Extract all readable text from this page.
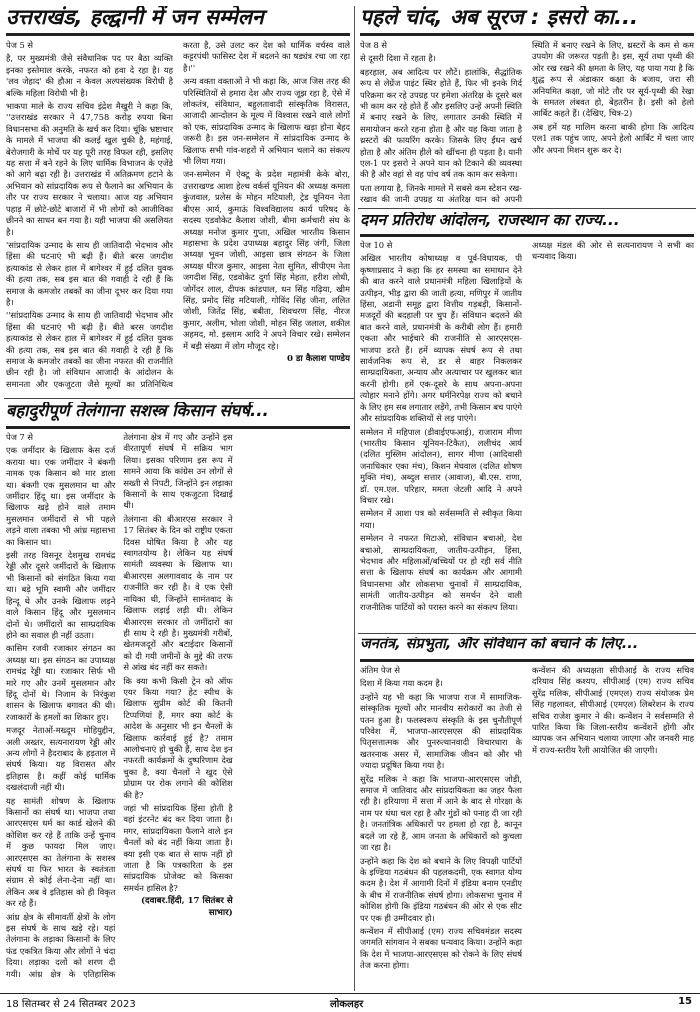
उत्तराखंड, हल्द्वानी में जन सम्मेलन

पेज 5 से

है, पर मुख्यमंत्री जैसे संवैधानिक पद पर बैठा व्यक्ति इनका इस्तेमाल करके, नफरत को हवा दे रहा है। यह 'लव जेहाद' की हौआ न केवल अल्पसंख्यक विरोधी है बल्कि महिला विरोधी भी है।

भाकपा माले के राज्य सचिव इंद्रेश मैखुरी ने कहा कि, ''उत्तराखंड सरकार ने 47,758 करोड़ रुपया बिना विधानसभा की अनुमति के खर्च कर दिया। चूंकि भ्रष्टाचार के मामले में भाजपा की कलई खुल चुकी है, महंगाई, बेरोजगारी के मोर्चे पर यह पूरी तरह विफल रही, इसलिए यह सत्ता में बने रहने के लिए धार्मिक विभाजन के एजेंडे को आगे बढ़ा रही है। उत्तराखंड में अतिक्रमण हटाने के अभियान को सांप्रदायिक रूप से फैलाने का अभियान के तौर पर राज्य सरकार ने चलाया। आज यह अभियान पहाड़ में छोटे-छोटे बाजारों में भी लोगों को आजीविका छीनने का साधन बन गया है। यही भाजपा की असलियत है।

'सांप्रदायिक उन्माद के साथ ही जातिवादी भेदभाव और हिंसा की घटनाएं भी बढ़ी हैं। बीते बरस जगदीश हत्याकांड से लेकर हाल में बागेश्वर में हुई दलित युवक की हत्या तक, सब इस बात की गवाही दे रही हैं कि समाज के कमजोर तबकों का जीना दूभर कर दिया गया है।

''सांप्रदायिक उन्माद के साथ ही जातिवादी भेदभाव और हिंसा की घटनाएं भी बढ़ी हैं। बीते बरस जगदीश हत्याकांड से लेकर हाल में बागेश्वर में हुई दलित युवक की हत्या तक, सब इस बात की गवाही दे रही हैं कि समाज के कमजोर तबकों का जीना नफरत की राजनीति छीन रही है। जो संविधान आजादी के आंदोलन के समानता और एकजुटता जैसे मूल्यों का प्रतिनिधित्व करता है, उसे उलट कर देश को धार्मिक वर्चस्व वाले कट्टरपंथी फासिस्ट देश में बदलने का षड्यंत्र रचा जा रहा है।''

अन्य वक्ता वक्ताओं ने भी कहा कि, आज जिस तरह की परिस्थितियों से हमारा देश और राज्य जूझ रहा है, ऐसे में लोकतंत्र, संविधान, बहुलतावादी सांस्कृतिक विरासत, आजादी आन्दोलन के मूल्य में विश्वास रखने वाले लोगों को एक, सांप्रदायिक उन्माद के खिलाफ खड़ा होना बेहद जरूरी है। इस जन-सम्मेलन में सांप्रदायिक उन्माद के खिलाफ सभी गांव-शहरों में अभियान चलाने का संकल्प भी लिया गया।

जन-सम्मेलन में ऐक्टू के प्रदेश महामंत्री केके बोरा, उत्तराखण्ड आशा हेल्थ वर्कर्स यूनियन की अध्यक्ष कमला कुंजवाल, प्रलेस के मोहन मटियाली, ट्रेड यूनियन नेता बीएस आर्य, कुमाऊं विश्वविद्यालय कार्य परिषद के सदस्य एडवोकेट कैलाश जोशी, बीमा कर्मचारी संघ के अध्यक्ष मनोज कुमार गुप्ता, अखिल भारतीय किसान महासभा के प्रदेश उपाध्यक्ष बहादुर सिंह जंगी, जिला अध्यक्ष भुवन जोशी, आइसा छात्र संगठन के जिला अध्यक्ष धीरज कुमार, आइसा नेता सुमित, सीपीएम नेता जगदीश सिंह, एडवोकेट दुर्गा सिंह मेहता, हरीश लोधी, जोगेंदर लाल, दीपक कांडपाल, धन सिंह गढ़िया, खीम सिंह, प्रमोद सिंह मटियाली, गोविंद सिंह जीना, ललित जोशी, जितेंद्र सिंह, बबीता, शिवचरण सिंह, नीरज कुमार, अलीम, भोला जोशी, मोहन सिंह जलाल, शकील अहमद, मो. इस्लाम आदि ने अपने विचार रखे। सम्मेलन में बड़ी संख्या में लोग मौजूद रहे।

0 डा कैलाश पाण्डेय

पहले चांद, अब सूरज : इसरो का...

पेज 8 से

से दूसरी दिशा में रहता है।

बहरहाल, अब आदित्य पर लौटें। हालांकि, सैद्धांतिक रूप से लेग्रेंज पाइंट स्थिर होते हैं, फिर भी इनके गिर्द परिक्रमा कर रहे उपग्रह पर हमेशा अंतरिक्ष के दूसरे बल भी काम कर रहे होते हैं और इसलिए उन्हें अपनी स्थिति में बनाए रखने के लिए, लगातार उनकी स्थिति में समायोजन करते रहना होता है और यह किया जाता है थ्रस्टरों की फायरिंग करके। जिसके लिए ईंधन खर्च होता है और अंतिम हीले को खींचना ही पड़ता है। यानी एल-1 पर इसरो ने अपने यान को टिकाने की व्यवस्था की है और वहां से वह पांच वर्ष तक काम कर सकेगा।

पता लगाया है, जिनके मामले में सबसे कम स्टेशन रख-रखाव की जानी उपग्रह या अंतरिक्ष यान को अपनी स्थिति में बनाए रखने के लिए, थ्रस्टरों के कम से कम उपयोग की जरूरत पड़ती है। इस, सूर्य तथा पृथ्वी की ओर रख रखने की क्षमता के लिए, यह पाया गया है कि शुद्ध रूप से अंडाकार कक्षा के बजाय, जरा सी अनियमित कक्षा, जो मोटे तौर पर सूर्य-पृथ्वी की रेखा के समतल लंबवत हो, बेहतरीन है। इसी को हेलो आर्बिट कहते हैं। (देखिए, चित्र-2)

अब हमें यह मालिम करना बाकी होगा कि आदित्य एल1 तक पहुंच जाए, अपने हेलो आर्बिट में चला जाए और अपना मिशन शुरू कर दे।

दमन प्रतिरोध आंदोलन, राजस्थान का राज्य...

पेज 10 से

अखिल भारतीय कोषाध्यक्ष व पूर्व-विधायक, पी कृष्णाप्रसाद ने कहा कि हर समस्या का समाधान देने की बात करने वाले प्रधानमंत्री महिला खिलाड़ियों के उत्पीड़न, भीड़ द्वारा की जाती हत्या, मणिपुर में जातीय हिंसा, अडानी समूह द्वारा वित्तीय गड़बड़ी, किसानों-मजदूरों की बदहाली पर चुप हैं। संविधान बदलने की बात करने वाले, प्रधानमंत्री के करीबी लोग हैं। हमारी एकता और भाईचारे की राजनीति से आरएसएस-भाजपा डरते हैं। हमें व्यापक संघर्ष रूप से तथा सार्वजनिक रूप से, डर से बाहर निकलकर साम्प्रदायिकता, अन्याय और अत्याचार पर खुलकर बात करनी होगी। हमें एक-दूसरे के साथ अपना-अपना त्योहार मनाने होंगे। अगर धर्मनिरपेक्ष राज्य को बचाने के लिए हम सब लगातार लड़ेंगे, तभी किसान बच पाएंगे और सांप्रदायिक शक्तियों से लड़ पाएंगे।

सम्मेलन में महिपाल (डीवाईएफआई), राजाराम मीणा (भारतीय किसान यूनियन-टिकैत), ललीचंद आर्य (दलित मुस्लिम आंदोलन), सागर मीणा (आदिवासी जनाधिकार एका मंच), किशन मेघवाल (दलित शोषण मुक्ति मंच), अब्दुल सत्तार (आवाज), बी.एस. राणा, डॉ. एम.एल. परिहार, ममता जेटली आदि ने अपने विचार रखे।

सम्मेलन में आशा पत्र को सर्वसम्मति से स्वीकृत किया गया।

सम्मेलन ने नफरत मिटाओ, संविधान बचाओ, देश बचाओ, साम्प्रदायिकता, जातीय-उत्पीड़न, हिंसा, भेदभाव और महिलाओं/बच्चियों पर हो रही सर्व नीति सत्ता के खिलाफ संघर्ष का कार्यक्रम और आगामी विधानसभा और लोकसभा चुनावों में साम्प्रदायिक, सामंती जातीय-उत्पीड़न को समर्थन देने वाली राजनीतिक पार्टियों को परास्त करने का संकल्प लिया।

अध्यक्ष मंडल की ओर से सत्यनारायण ने सभी का धन्यवाद किया।

बहादुरीपूर्ण तेलंगाना सशस्त्र किसान संघर्ष...

पेज 7 से

एक जमींदार के खिलाफ केस दर्ज कराया था। एक जमींदार ने बंकगी नामक एक किसान को मार डाला था। बंकगी एक मुसलमान था और जमींदार हिंदू था। इस जमींदार के खिलाफ खड़े होने वाले तमाम मुसलमान जमींदारों से भी पहले लड़ने वाला तबका भी आंध्र महासभा का किसान था।

इसी तरह विसनूर देशमुख रामचंद्र रेड्डी और दूसरे जमींदारों के खिलाफ भी किसानों को संगठित किया गया था। बड़े भूमि स्वामी और जमींदार हिन्दू थे और उनके खिलाफ लड़ने वाले किसान हिंदू और मुसलमान दोनों थे। जमींदारों का साम्प्रदायिक होने का सवाल ही नहीं उठता।

कासिम रजवी रजाकार संगठन का अध्यक्ष था। इस संगठन का उपाध्यक्ष रामचंद्र रेड्डी था। रजाकार सिर्फ भी मारे गए और उनमें मुसलमान और हिंदू दोनों थे। निजाम के निरंकुश शासन के खिलाफ बगावत की थी। रजाकारों के हमलों का शिकार हुए।

मजदूर नेताओं-मख्दूम मोहियुद्दीन, अली अख्तर, सत्यनारायण रेड्डी और अन्य लोगों ने हैदराबाद के हड़ताल में संघर्ष किया। यह विरासत और इतिहास है। कहीं कोई धार्मिक दखलंदाजी नहीं थी।

यह सामंती शोषण के खिलाफ किसानों का संघर्ष था। भाजपा तथा आरएसएस धर्म का कार्ड खेलने की कोशिश कर रहे हैं ताकि उन्हें चुनाव में कुछ फायदा मिल जाए। आरएसएस का तेलंगाना के सशस्त्र संघर्ष या फिर भारत के स्वतंत्रता संग्राम से कोई लेना-देना नहीं था। लेकिन अब वे इतिहास को ही विकृत कर रहे हैं।

आंध्र क्षेत्र के सीमावर्ती क्षेत्रों के लोग इस संघर्ष के साथ खड़े रहे। यहां तेलंगाना के लड़ाका किसानों के लिए फंड एकत्रित किया और लोगों ने चंदा दिया। लड़ाका दलों को शरण दी गयी। आंध्र क्षेत्र के एतिहासिक तेलंगाना क्षेत्र में गए और उन्होंने इस वीरतापूर्ण संघर्ष में सक्रिय भाग लिया। इसका परिणाम इस रूप में सामने आया कि कांग्रेस उन लोगों से सख्ती से निपटी, जिन्होंने इन लड़ाका किसानों के साथ एकजुटता दिखाई थी।

तेलंगाना की बीआरएस सरकार ने 17 सितंबर के दिन को राष्ट्रीय एकता दिवस घोषित किया है और यह स्वागतयोग्य है। लेकिन यह संघर्ष सामंती व्यवस्था के खिलाफ था। बीआरएस अलगाववाद के नाम पर राजनीति कर रही है। वे एक ऐसी नायिका थी, जिन्होंने सामंतवाद के खिलाफ लड़ाई लड़ी थी। लेकिन बीआरएस सरकार तो जमींदारों का ही साथ दे रही है। मुख्यमंत्री गरीबों, खेतमजदूरों और बटाईदार किसानों को दी गयी जमीनों के मुद्दे की तरफ से आंख बंद नहीं कर सकते।

कि क्या कभी किसी ट्रेन को ऑफ एयर किया गया? हेट स्पीच के खिलाफ सुप्रीम कोर्ट की कितनी टिप्पणियां हैं, मगर क्या कोर्ट के आदेश के अनुसार भी इन चैनलों के खिलाफ कार्रवाई हुई है? तमाम आलोचनाएं हो चुकी हैं, साथ देश इन नफरती कार्यक्रमों के दुष्परिणाम देख चुका है, क्या चैनलों ने खुद ऐसे प्रोग्राम पर रोक लगाने की कोशिश की है?

जहां भी सांप्रदायिक हिंसा होती है वहां इंटरनेट बंद कर दिया जाता है। मगर, सांप्रदायिकता फैलाने वाले इन चैनलों को बंद नहीं किया जाता है। क्या इसी एक बात से साफ नहीं हो जाता है कि पत्रकारिता के इस सांप्रदायिक प्रोजेक्ट को किसका समर्थन हासिल है?

(दवाबर.हिंदी, 17 सितंबर से साभार)

जनतंत्र, संप्रभुता, और संविधान को बचाने के लिए...

अंतिम पेज से

दिशा में किया गया कदम है।

उन्होंने यह भी कहा कि भाजपा राज में सामाजिक-सांस्कृतिक मूल्यों और मानवीय सरोकारों का तेजी से पतन हुआ है। फलस्वरूप संस्कृति के इस चुनौतीपूर्ण परिवेश में, भाजपा-आरएसएस की सांप्रदायिक पितृसत्तात्मक और पुनरुत्थानवादी विचारधारा के खतरनाक असर में, सामाजिक जीवन को और भी ज्यादा प्रदूषित किया गया है।

सुरेंद्र मलिक ने कहा कि भाजपा-आरएसएस जोड़ी, समाज में जातिवाद और सांप्रदायिकता का जहर फैला रही है। हरियाणा में सत्ता में आने के बाद से गोरक्षा के नाम पर धंधा चल रहा है और गुंडों को पनाह दी जा रही है। जनतांत्रिक अधिकारों पर हमला हो रहा है, कानून बदले जा रहे हैं, आम जनता के अधिकारों को कुचला जा रहा है।

उन्होंने कहा कि देश को बचाने के लिए विपक्षी पार्टियों के इण्डिया गठबंधन की पहलकदमी, एक स्वागत योग्य कदम है। देश में आगामी दिनों में इंडिया बनाम एनडीए के बीच में राजनीतिक संघर्ष होगा। लोकसभा चुनाव में कोशिश होगी कि इंडिया गठबंधन की ओर से एक सीट पर एक ही उम्मीदवार हो।

कन्वेंशन में सीपीआई (एम) राज्य सचिवमंडल सदस्य जगमति सांगवान ने सबका धन्यवाद किया। उन्होंने कहा कि देश में भाजपा-आरएसएस को रोकने के लिए संघर्ष तेज करना होगा।

कन्वेंशन की अध्यक्षता सीपीआई के राज्य सचिव दरियाव सिंह कश्यप, सीपीआई (एम) राज्य सचिव सुरेंद्र मलिक, सीपीआई (एमएल) राज्य संयोजक प्रेम सिंह गहलावत, सीपीआई (एमएल) लिबरेशन के राज्य सचिव राजेश कुमार ने की। कन्वेंशन ने सर्वसम्मति से पारित किया कि जिला-स्तरीय कन्वेंशनें होंगी और व्यापक जन अभियान चलाया जाएगा और जनवरी माह में राज्य-स्तरीय रैली आयोजित की जाएगी।

18 सितम्बर से 24 सितम्बर 2023	लोकलहर	15
